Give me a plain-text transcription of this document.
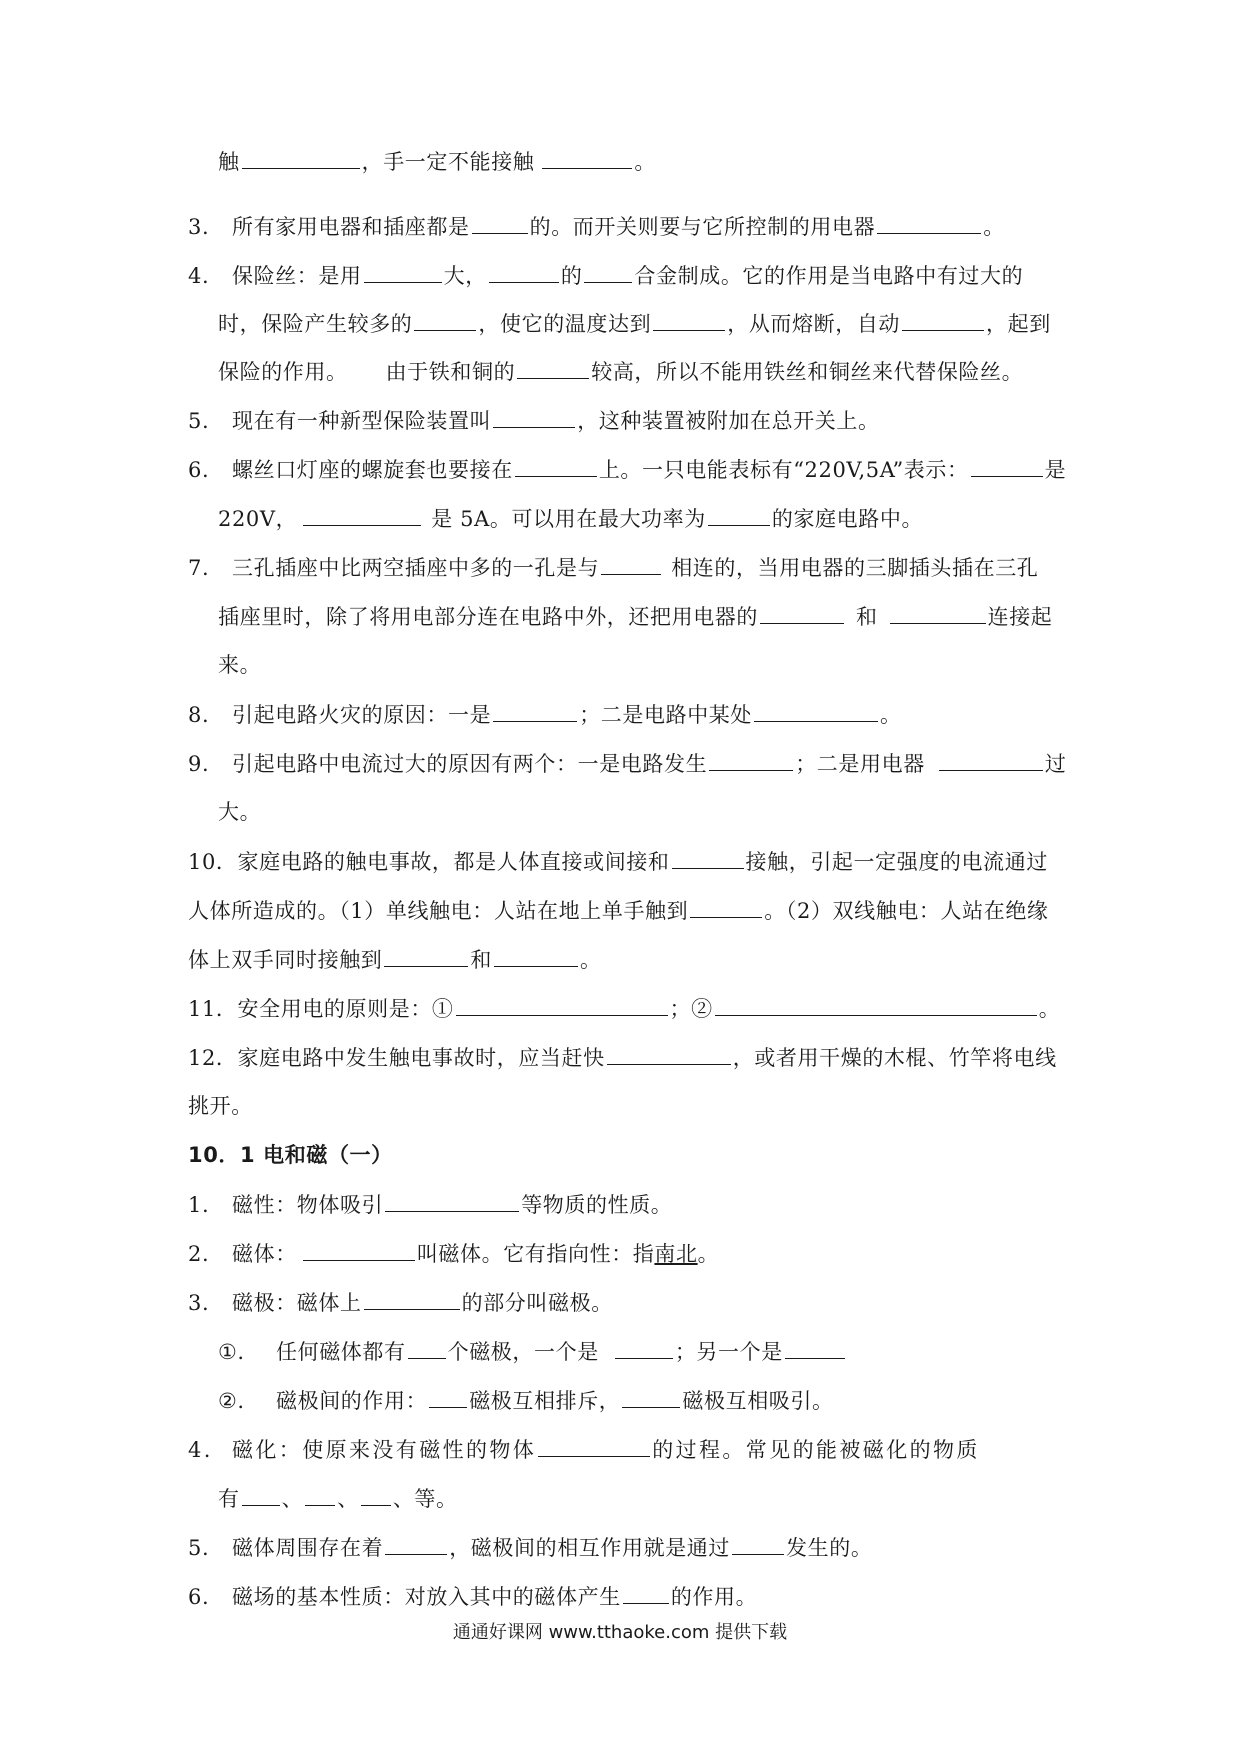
触	，手一定不能接触	。
3. 所有家用电器和插座都是	的。而开关则要与它所控制的用电器	。
4. 保险丝：是用	大，	的 合金制成。它的作用是当电路中有过大的
时，保险产生较多的	，使它的温度达到	，从而熔断，自动	，起到
保险的作用。 由于铁和铜的	较高，所以不能用铁丝和铜丝来代替保险丝。
5. 现在有一种新型保险装置叫	，这种装置被附加在总开关上。
6. 螺丝口灯座的螺旋套也要接在	上。一只电能表标有“220V,5A”表示：	是
220V，	是 5A。可以用在最大功率为	的家庭电路中。
7. 三孔插座中比两空插座中多的一孔是与	相连的，当用电器的三脚插头插在三孔
插座里时，除了将用电部分连在电路中外，还把用电器的	和	连接起
来。
8. 引起电路火灾的原因：一是	；二是电路中某处	。
9. 引起电路中电流过大的原因有两个：一是电路发生	；二是用电器	过
大。
10．家庭电路的触电事故，都是人体直接或间接和	接触，引起一定强度的电流通过
人体所造成的。（1）单线触电：人站在地上单手触到	。（2）双线触电：人站在绝缘
体上双手同时接触到	和	。
11．安全用电的原则是：①	；②	。
12．家庭电路中发生触电事故时，应当赶快	，或者用干燥的木棍、竹竿将电线
挑开。
10．1 电和磁（一）
1. 磁性：物体吸引	等物质的性质。
2. 磁体：	叫磁体。它有指向性：指南北。
3. 磁极：磁体上	的部分叫磁极。
①. 任何磁体都有 个磁极，一个是	；另一个是
②. 磁极间的作用： 磁极互相排斥，	磁极互相吸引。
4. 磁化：使原来没有磁性的物体	的过程。常见的能被磁化的物质
有 、 、 、等。
5. 磁体周围存在着	，磁极间的相互作用就是通过	发生的。
6. 磁场的基本性质：对放入其中的磁体产生 的作用。
通通好课网 www.tthaoke.com 提供下载
